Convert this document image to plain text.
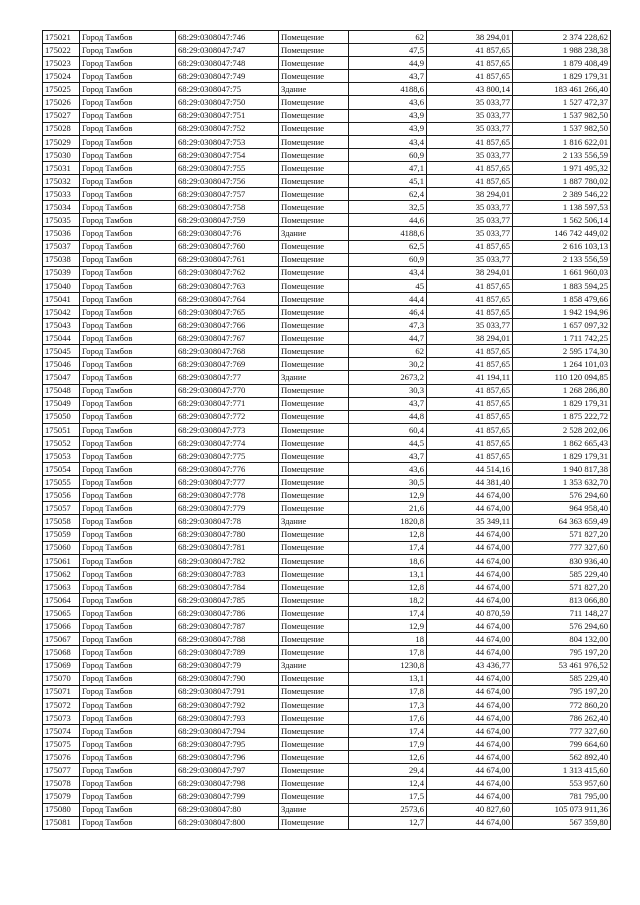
175021	Город Тамбов	68:29:0308047:746	Помещение	62	38 294,01	2 374 228,62
175022	Город Тамбов	68:29:0308047:747	Помещение	47,5	41 857,65	1 988 238,38
175023	Город Тамбов	68:29:0308047:748	Помещение	44,9	41 857,65	1 879 408,49
175024	Город Тамбов	68:29:0308047:749	Помещение	43,7	41 857,65	1 829 179,31
175025	Город Тамбов	68:29:0308047:75	Здание	4188,6	43 800,14	183 461 266,40
175026	Город Тамбов	68:29:0308047:750	Помещение	43,6	35 033,77	1 527 472,37
175027	Город Тамбов	68:29:0308047:751	Помещение	43,9	35 033,77	1 537 982,50
175028	Город Тамбов	68:29:0308047:752	Помещение	43,9	35 033,77	1 537 982,50
175029	Город Тамбов	68:29:0308047:753	Помещение	43,4	41 857,65	1 816 622,01
175030	Город Тамбов	68:29:0308047:754	Помещение	60,9	35 033,77	2 133 556,59
175031	Город Тамбов	68:29:0308047:755	Помещение	47,1	41 857,65	1 971 495,32
175032	Город Тамбов	68:29:0308047:756	Помещение	45,1	41 857,65	1 887 780,02
175033	Город Тамбов	68:29:0308047:757	Помещение	62,4	38 294,01	2 389 546,22
175034	Город Тамбов	68:29:0308047:758	Помещение	32,5	35 033,77	1 138 597,53
175035	Город Тамбов	68:29:0308047:759	Помещение	44,6	35 033,77	1 562 506,14
175036	Город Тамбов	68:29:0308047:76	Здание	4188,6	35 033,77	146 742 449,02
175037	Город Тамбов	68:29:0308047:760	Помещение	62,5	41 857,65	2 616 103,13
175038	Город Тамбов	68:29:0308047:761	Помещение	60,9	35 033,77	2 133 556,59
175039	Город Тамбов	68:29:0308047:762	Помещение	43,4	38 294,01	1 661 960,03
175040	Город Тамбов	68:29:0308047:763	Помещение	45	41 857,65	1 883 594,25
175041	Город Тамбов	68:29:0308047:764	Помещение	44,4	41 857,65	1 858 479,66
175042	Город Тамбов	68:29:0308047:765	Помещение	46,4	41 857,65	1 942 194,96
175043	Город Тамбов	68:29:0308047:766	Помещение	47,3	35 033,77	1 657 097,32
175044	Город Тамбов	68:29:0308047:767	Помещение	44,7	38 294,01	1 711 742,25
175045	Город Тамбов	68:29:0308047:768	Помещение	62	41 857,65	2 595 174,30
175046	Город Тамбов	68:29:0308047:769	Помещение	30,2	41 857,65	1 264 101,03
175047	Город Тамбов	68:29:0308047:77	Здание	2673,2	41 194,11	110 120 094,85
175048	Город Тамбов	68:29:0308047:770	Помещение	30,3	41 857,65	1 268 286,80
175049	Город Тамбов	68:29:0308047:771	Помещение	43,7	41 857,65	1 829 179,31
175050	Город Тамбов	68:29:0308047:772	Помещение	44,8	41 857,65	1 875 222,72
175051	Город Тамбов	68:29:0308047:773	Помещение	60,4	41 857,65	2 528 202,06
175052	Город Тамбов	68:29:0308047:774	Помещение	44,5	41 857,65	1 862 665,43
175053	Город Тамбов	68:29:0308047:775	Помещение	43,7	41 857,65	1 829 179,31
175054	Город Тамбов	68:29:0308047:776	Помещение	43,6	44 514,16	1 940 817,38
175055	Город Тамбов	68:29:0308047:777	Помещение	30,5	44 381,40	1 353 632,70
175056	Город Тамбов	68:29:0308047:778	Помещение	12,9	44 674,00	576 294,60
175057	Город Тамбов	68:29:0308047:779	Помещение	21,6	44 674,00	964 958,40
175058	Город Тамбов	68:29:0308047:78	Здание	1820,8	35 349,11	64 363 659,49
175059	Город Тамбов	68:29:0308047:780	Помещение	12,8	44 674,00	571 827,20
175060	Город Тамбов	68:29:0308047:781	Помещение	17,4	44 674,00	777 327,60
175061	Город Тамбов	68:29:0308047:782	Помещение	18,6	44 674,00	830 936,40
175062	Город Тамбов	68:29:0308047:783	Помещение	13,1	44 674,00	585 229,40
175063	Город Тамбов	68:29:0308047:784	Помещение	12,8	44 674,00	571 827,20
175064	Город Тамбов	68:29:0308047:785	Помещение	18,2	44 674,00	813 066,80
175065	Город Тамбов	68:29:0308047:786	Помещение	17,4	40 870,59	711 148,27
175066	Город Тамбов	68:29:0308047:787	Помещение	12,9	44 674,00	576 294,60
175067	Город Тамбов	68:29:0308047:788	Помещение	18	44 674,00	804 132,00
175068	Город Тамбов	68:29:0308047:789	Помещение	17,8	44 674,00	795 197,20
175069	Город Тамбов	68:29:0308047:79	Здание	1230,8	43 436,77	53 461 976,52
175070	Город Тамбов	68:29:0308047:790	Помещение	13,1	44 674,00	585 229,40
175071	Город Тамбов	68:29:0308047:791	Помещение	17,8	44 674,00	795 197,20
175072	Город Тамбов	68:29:0308047:792	Помещение	17,3	44 674,00	772 860,20
175073	Город Тамбов	68:29:0308047:793	Помещение	17,6	44 674,00	786 262,40
175074	Город Тамбов	68:29:0308047:794	Помещение	17,4	44 674,00	777 327,60
175075	Город Тамбов	68:29:0308047:795	Помещение	17,9	44 674,00	799 664,60
175076	Город Тамбов	68:29:0308047:796	Помещение	12,6	44 674,00	562 892,40
175077	Город Тамбов	68:29:0308047:797	Помещение	29,4	44 674,00	1 313 415,60
175078	Город Тамбов	68:29:0308047:798	Помещение	12,4	44 674,00	553 957,60
175079	Город Тамбов	68:29:0308047:799	Помещение	17,5	44 674,00	781 795,00
175080	Город Тамбов	68:29:0308047:80	Здание	2573,6	40 827,60	105 073 911,36
175081	Город Тамбов	68:29:0308047:800	Помещение	12,7	44 674,00	567 359,80
